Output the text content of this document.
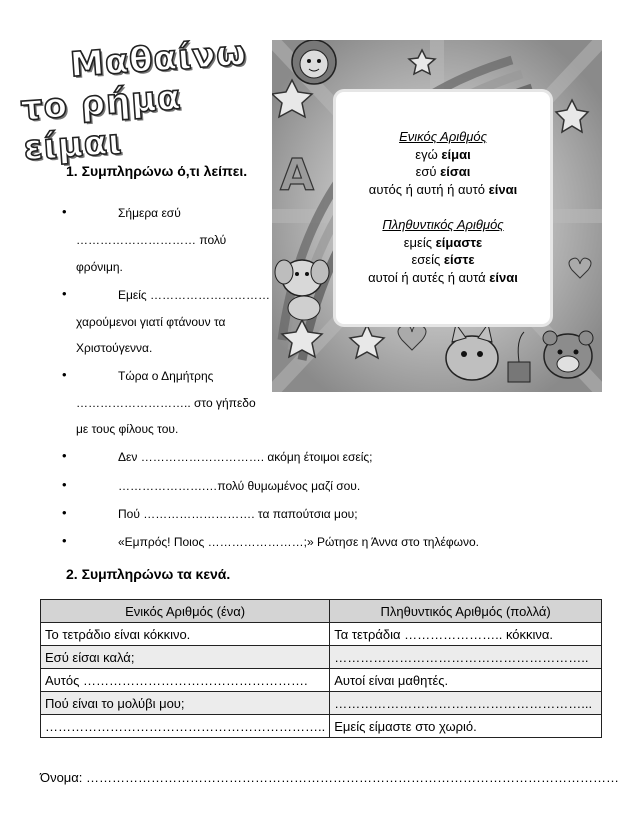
Μαθαίνω
το ρήμα είμαι
A
Ενικός Αριθμός
εγώ είμαι
εσύ είσαι
αυτός ή αυτή ή αυτό είναι
Πληθυντικός Αριθμός
εμείς είμαστε
εσείς είστε
αυτοί ή αυτές ή αυτά είναι
1. Συμπληρώνω ό,τι λείπει.
•	Σήμερα εσύ
………………………… πολύ
φρόνιμη.
•	Εμείς …………………………
χαρούμενοι γιατί φτάνουν τα
Χριστούγεννα.
•	Τώρα ο Δημήτρης
……………………….. στο γήπεδο
με τους φίλους του.
•	Δεν …………………………. ακόμη έτοιμοι εσείς;
•	………………….…πολύ θυμωμένος μαζί σου.
•	Πού ………………………. τα παπούτσια μου;
•	«Εμπρός! Ποιος ……………………;» Ρώτησε η Άννα στο τηλέφωνο.
2. Συμπληρώνω τα κενά.
Ενικός Αριθμός (ένα)	Πληθυντικός Αριθμός (πολλά)
Το τετράδιο είναι κόκκινο.	Τα τετράδια ………………….. κόκκινα.
Εσύ είσαι καλά;	…………………………………………………..
Αυτός …………………………………………….	Αυτοί είναι μαθητές.
Πού είναι το μολύβι μου;	…………………………………………………...
………………………………………………………..	Εμείς είμαστε στο χωριό.
Όνομα: ……………………………………………………………………………………………………………
